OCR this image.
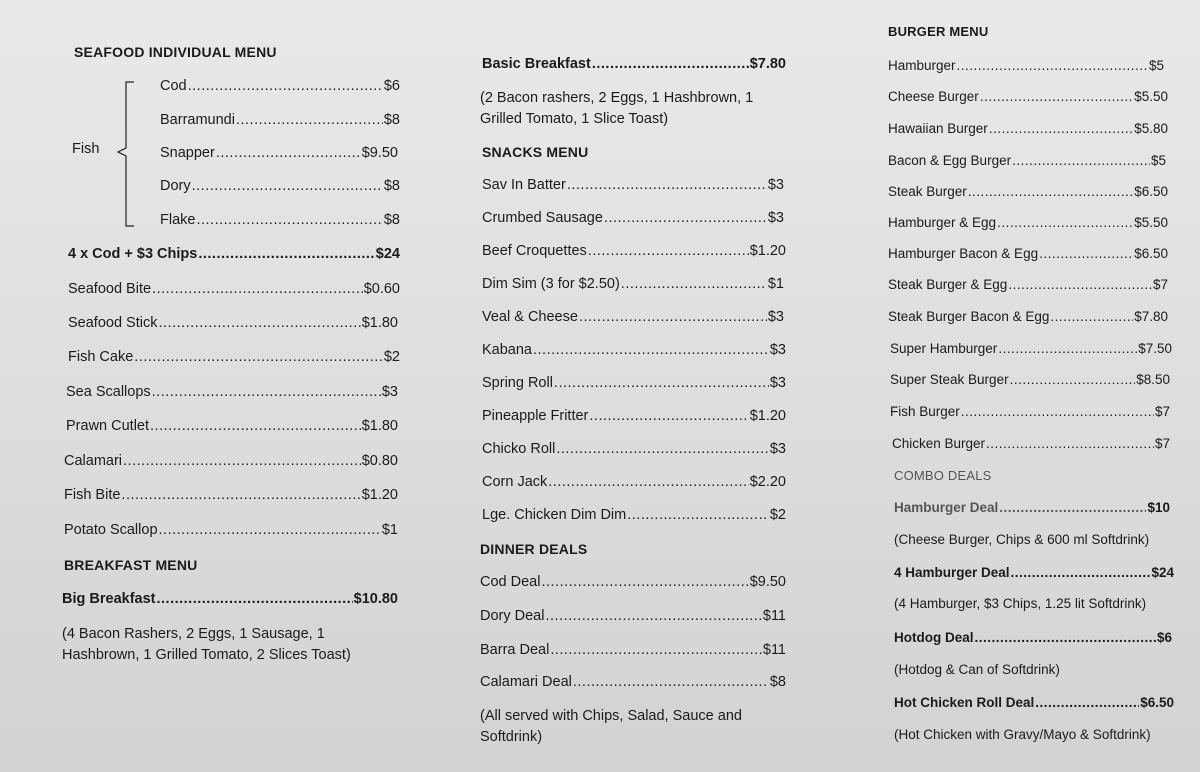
SEAFOOD INDIVIDUAL MENU
Fish
Cod .....	$6
Barramundi .....	$8
Snapper .....	$9.50
Dory .....	$8
Flake .....	$8
4 x Cod + $3 Chips .....	$24
Seafood Bite .....	$0.60
Seafood Stick .....	$1.80
Fish Cake .....	$2
Sea Scallops .....	$3
Prawn Cutlet .....	$1.80
Calamari .....	$0.80
Fish Bite .....	$1.20
Potato Scallop .....	$1
BREAKFAST MENU
Big Breakfast .....	$10.80
(4 Bacon Rashers, 2 Eggs, 1 Sausage, 1 Hashbrown, 1 Grilled Tomato, 2 Slices Toast)
Basic Breakfast .....	$7.80
(2 Bacon rashers, 2 Eggs, 1 Hashbrown, 1 Grilled Tomato, 1 Slice Toast)
SNACKS MENU
Sav In Batter .....	$3
Crumbed Sausage .....	$3
Beef Croquettes .....	$1.20
Dim Sim (3 for $2.50) .....	$1
Veal & Cheese .....	$3
Kabana .....	$3
Spring Roll .....	$3
Pineapple Fritter .....	$1.20
Chicko Roll .....	$3
Corn Jack .....	$2.20
Lge. Chicken Dim Dim .....	$2
DINNER DEALS
Cod Deal .....	$9.50
Dory Deal .....	$11
Barra Deal .....	$11
Calamari Deal .....	$8
(All served with Chips, Salad, Sauce and Softdrink)
BURGER MENU
Hamburger .....	$5
Cheese Burger .....	$5.50
Hawaiian Burger .....	$5.80
Bacon & Egg Burger .....	$5
Steak Burger .....	$6.50
Hamburger & Egg .....	$5.50
Hamburger Bacon & Egg .....	$6.50
Steak Burger & Egg .....	$7
Steak Burger Bacon & Egg .....	$7.80
Super Hamburger .....	$7.50
Super Steak Burger .....	$8.50
Fish Burger .....	$7
Chicken Burger .....	$7
COMBO DEALS
Hamburger Deal .....	$10
(Cheese Burger, Chips & 600 ml Softdrink)
4 Hamburger Deal .....	$24
(4 Hamburger, $3 Chips, 1.25 lit Softdrink)
Hotdog Deal .....	$6
(Hotdog & Can of Softdrink)
Hot Chicken Roll Deal .....	$6.50
(Hot Chicken with Gravy/Mayo & Softdrink)
